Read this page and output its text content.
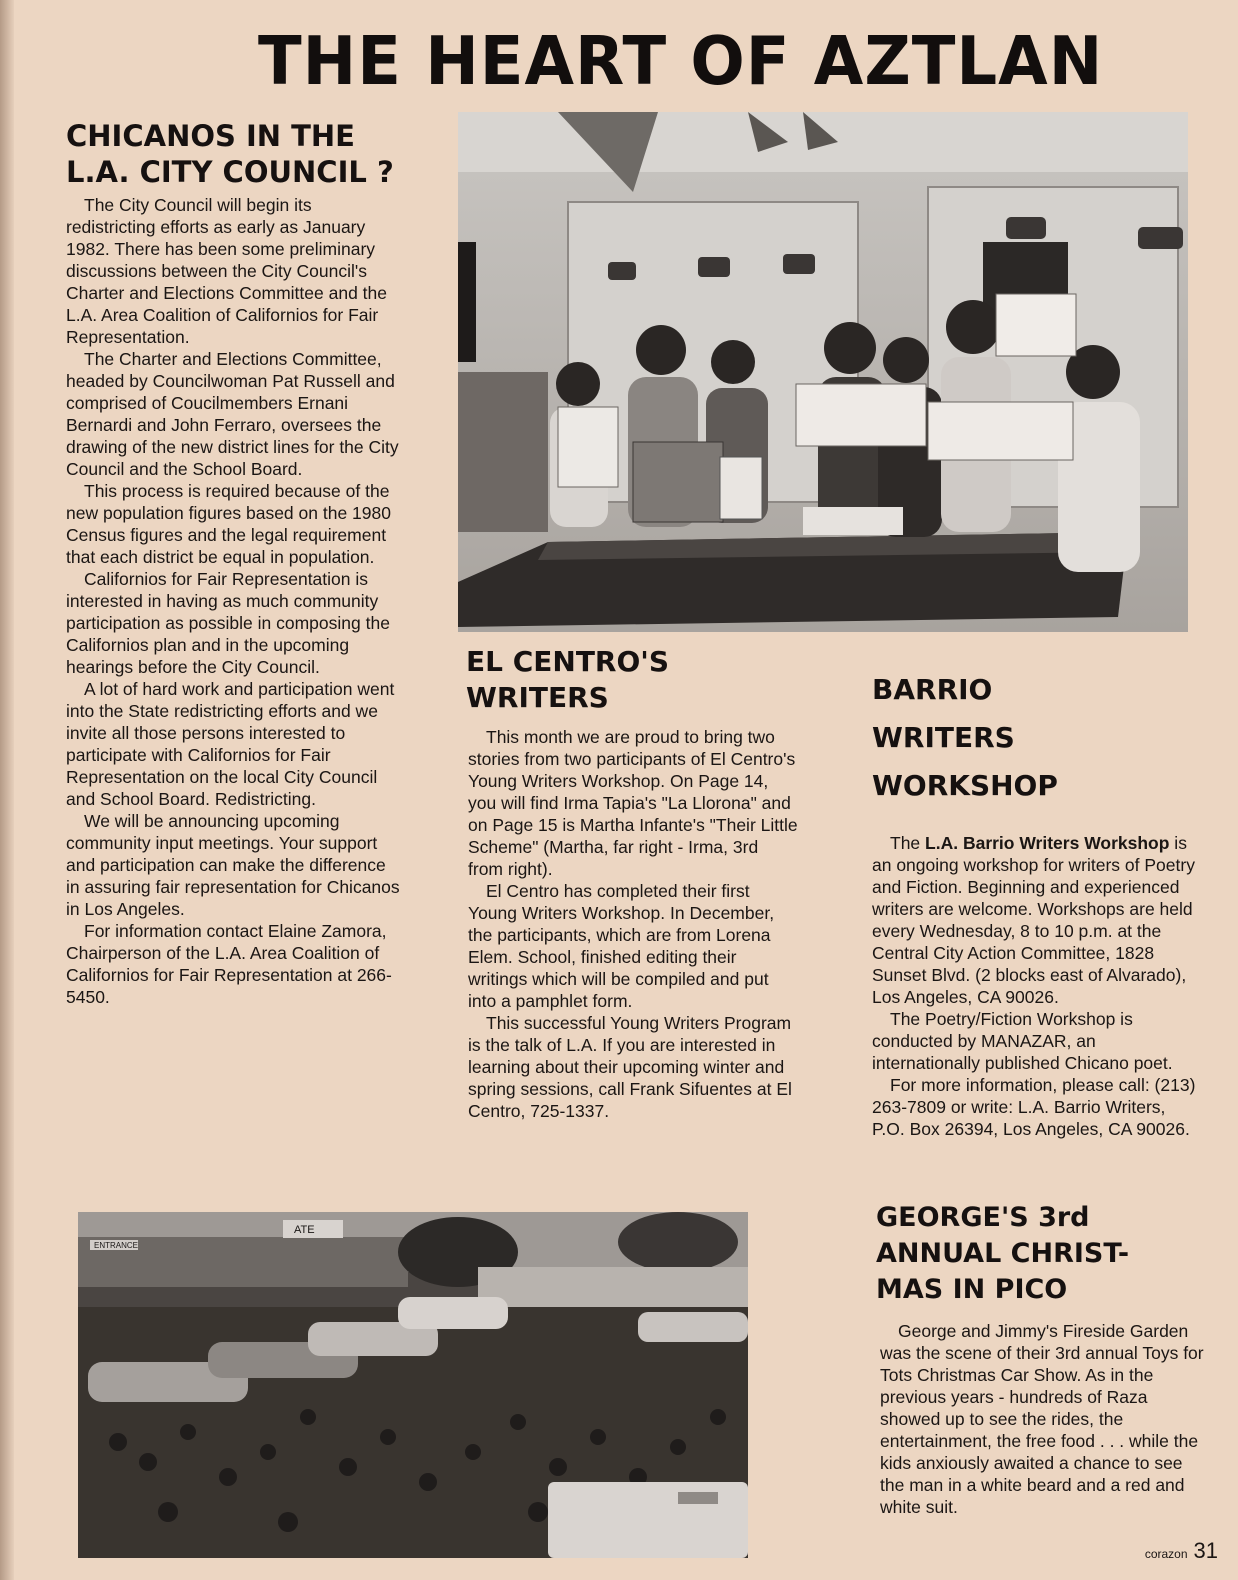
THE HEART OF AZTLAN
CHICANOS IN THE
L.A. CITY COUNCIL ?

The City Council will begin its redistricting efforts as early as January 1982. There has been some preliminary discussions between the City Council's Charter and Elections Committee and the L.A. Area Coalition of Californios for Fair Representation.

The Charter and Elections Committee, headed by Councilwoman Pat Russell and comprised of Coucilmembers Ernani Bernardi and John Ferraro, oversees the drawing of the new district lines for the City Council and the School Board.

This process is required because of the new population figures based on the 1980 Census figures and the legal requirement that each district be equal in population.

Californios for Fair Representation is interested in having as much community participation as possible in composing the Californios plan and in the upcoming hearings before the City Council.

A lot of hard work and participation went into the State redistricting efforts and we invite all those persons interested to participate with Californios for Fair Representation on the local City Council and School Board. Redistricting.

We will be announcing upcoming community input meetings. Your support and participation can make the difference in assuring fair representation for Chicanos in Los Angeles.

For information contact Elaine Zamora, Chairperson of the L.A. Area Coalition of Californios for Fair Representation at 266-5450.

EL CENTRO'S
WRITERS

This month we are proud to bring two stories from two participants of El Centro's Young Writers Workshop. On Page 14, you will find Irma Tapia's "La Llorona" and on Page 15 is Martha Infante's "Their Little Scheme" (Martha, far right - Irma, 3rd from right).

El Centro has completed their first Young Writers Workshop. In December, the participants, which are from Lorena Elem. School, finished editing their writings which will be compiled and put into a pamphlet form.

This successful Young Writers Program is the talk of L.A. If you are interested in learning about their upcoming winter and spring sessions, call Frank Sifuentes at El Centro, 725-1337.

BARRIO
WRITERS
WORKSHOP

The L.A. Barrio Writers Workshop is an ongoing workshop for writers of Poetry and Fiction. Beginning and experienced writers are welcome. Workshops are held every Wednesday, 8 to 10 p.m. at the Central City Action Committee, 1828 Sunset Blvd. (2 blocks east of Alvarado), Los Angeles, CA 90026.

The Poetry/Fiction Workshop is conducted by MANAZAR, an internationally published Chicano poet.

For more information, please call: (213) 263-7809 or write: L.A. Barrio Writers, P.O. Box 26394, Los Angeles, CA 90026.

GEORGE'S 3rd
ANNUAL CHRIST-
MAS IN PICO

George and Jimmy's Fireside Garden was the scene of their 3rd annual Toys for Tots Christmas Car Show. As in the previous years - hundreds of Raza showed up to see the rides, the entertainment, the free food . . . while the kids anxiously awaited a chance to see the man in a white beard and a red and white suit.

ENTRANCE
ATE
corazon 31
